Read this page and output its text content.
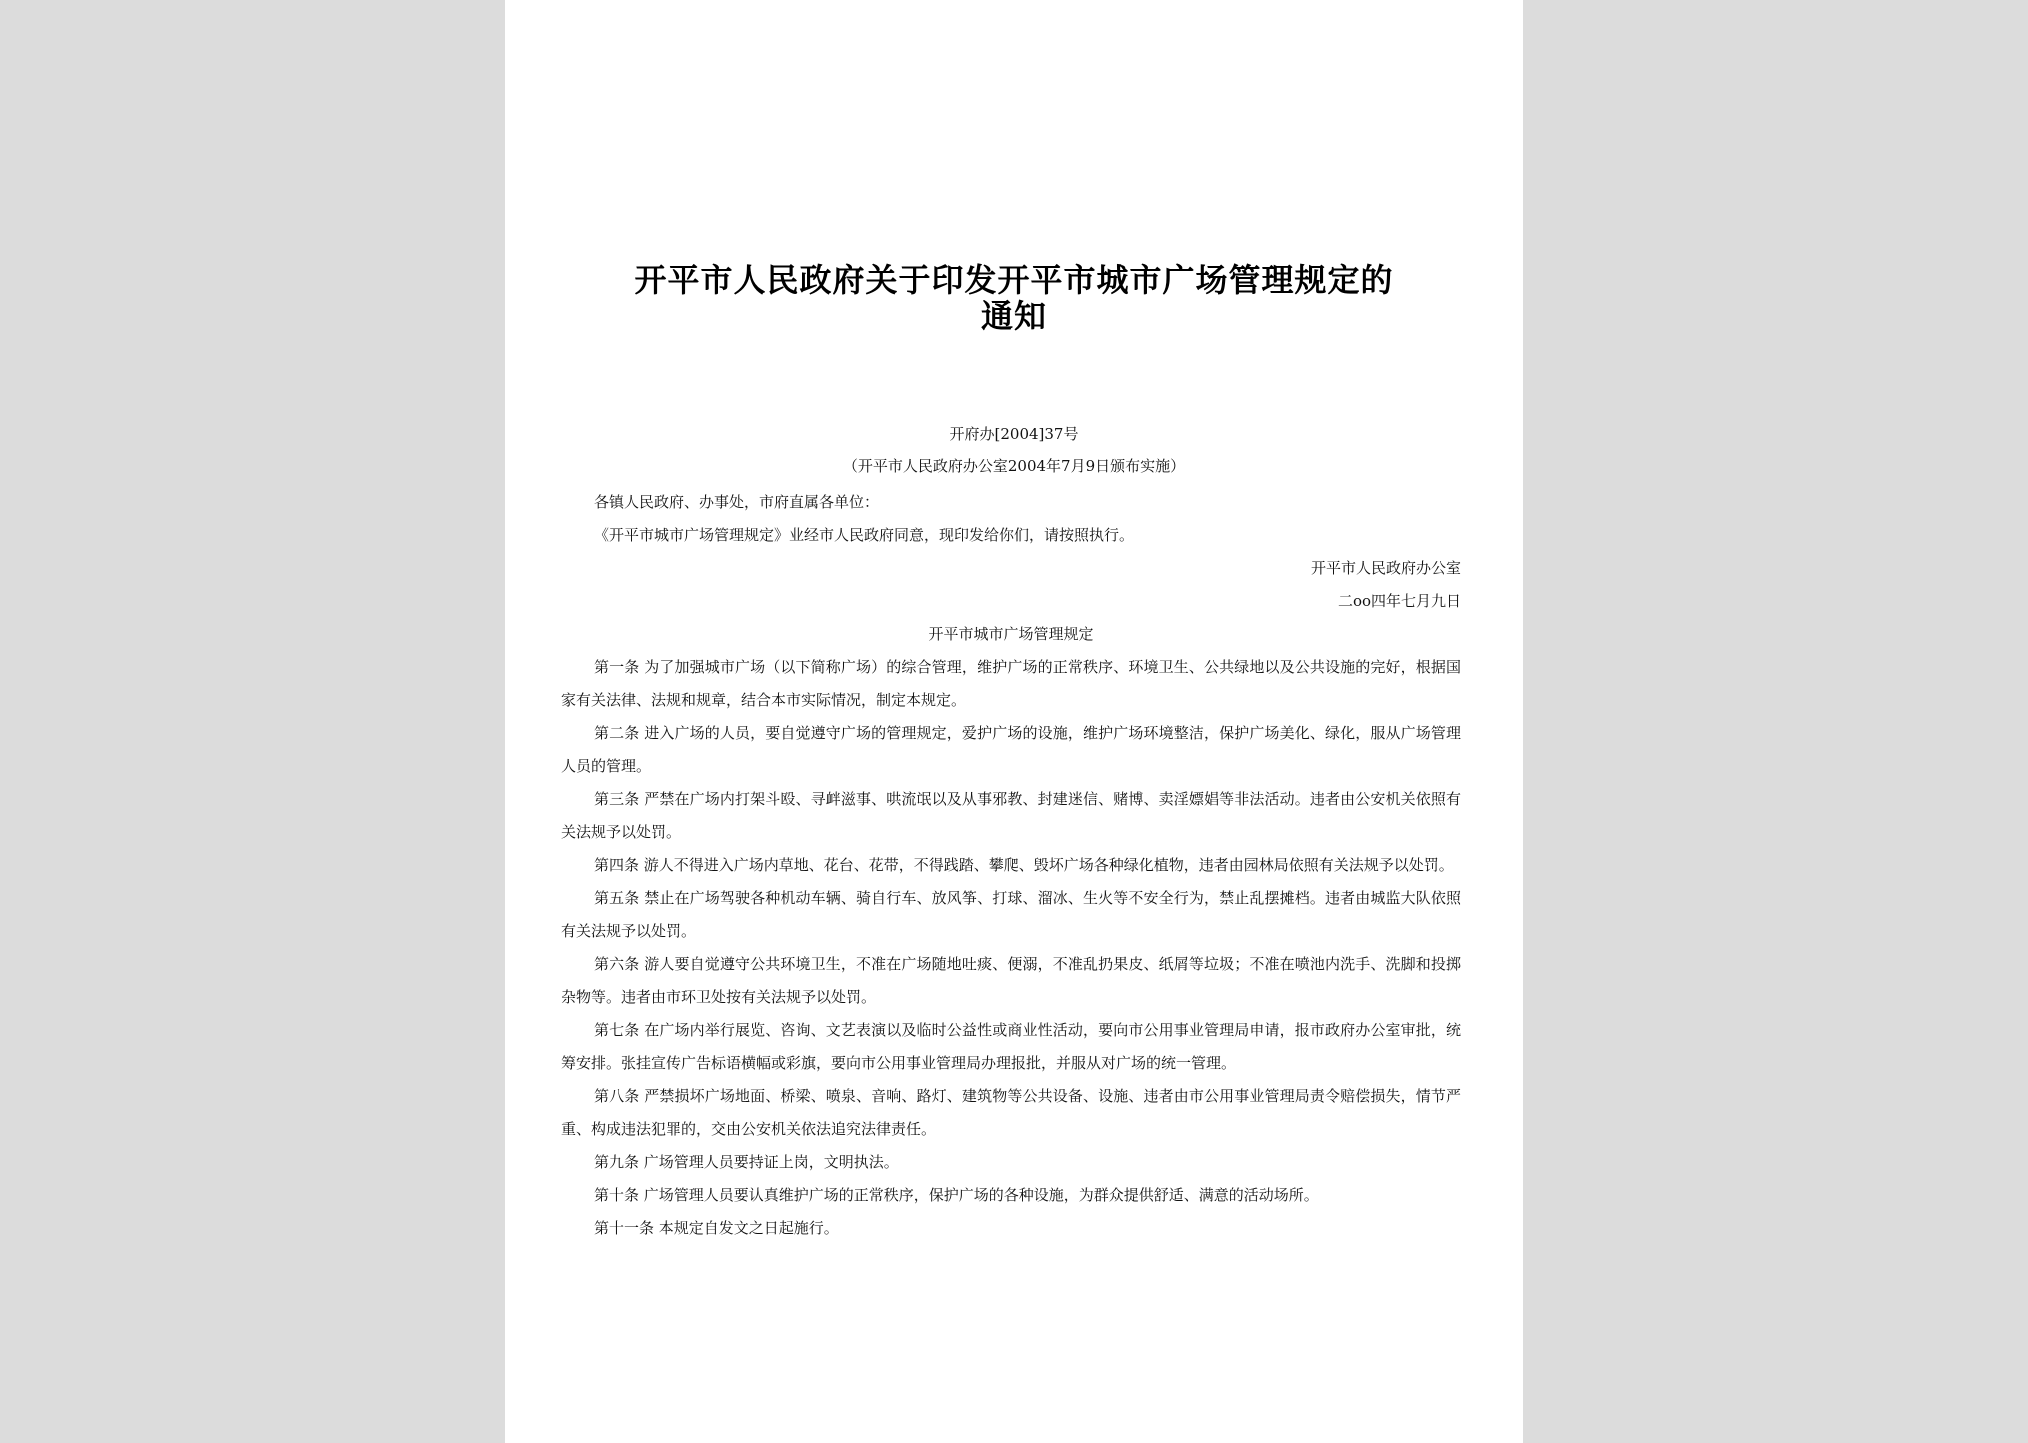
开平市人民政府关于印发开平市城市广场管理规定的
通知
开府办[2004]37号
（开平市人民政府办公室2004年7月9日颁布实施）

各镇人民政府、办事处，市府直属各单位：

《开平市城市广场管理规定》业经市人民政府同意，现印发给你们，请按照执行。

开平市人民政府办公室

二oo四年七月九日

开平市城市广场管理规定

第一条 为了加强城市广场（以下简称广场）的综合管理，维护广场的正常秩序、环境卫生、公共绿地以及公共设施的完好，根据国家有关法律、法规和规章，结合本市实际情况，制定本规定。

第二条 进入广场的人员，要自觉遵守广场的管理规定，爱护广场的设施，维护广场环境整洁，保护广场美化、绿化，服从广场管理人员的管理。

第三条 严禁在广场内打架斗殴、寻衅滋事、哄流氓以及从事邪教、封建迷信、赌博、卖淫嫖娼等非法活动。违者由公安机关依照有关法规予以处罚。

第四条 游人不得进入广场内草地、花台、花带，不得践踏、攀爬、毁坏广场各种绿化植物，违者由园林局依照有关法规予以处罚。

第五条 禁止在广场驾驶各种机动车辆、骑自行车、放风筝、打球、溜冰、生火等不安全行为，禁止乱摆摊档。违者由城监大队依照有关法规予以处罚。

第六条 游人要自觉遵守公共环境卫生，不准在广场随地吐痰、便溺，不准乱扔果皮、纸屑等垃圾；不准在喷池内洗手、洗脚和投掷杂物等。违者由市环卫处按有关法规予以处罚。

第七条 在广场内举行展览、咨询、文艺表演以及临时公益性或商业性活动，要向市公用事业管理局申请，报市政府办公室审批，统筹安排。张挂宣传广告标语横幅或彩旗，要向市公用事业管理局办理报批，并服从对广场的统一管理。

第八条 严禁损坏广场地面、桥梁、喷泉、音响、路灯、建筑物等公共设备、设施、违者由市公用事业管理局责令赔偿损失，情节严重、构成违法犯罪的，交由公安机关依法追究法律责任。

第九条 广场管理人员要持证上岗，文明执法。

第十条 广场管理人员要认真维护广场的正常秩序，保护广场的各种设施，为群众提供舒适、满意的活动场所。

第十一条 本规定自发文之日起施行。
